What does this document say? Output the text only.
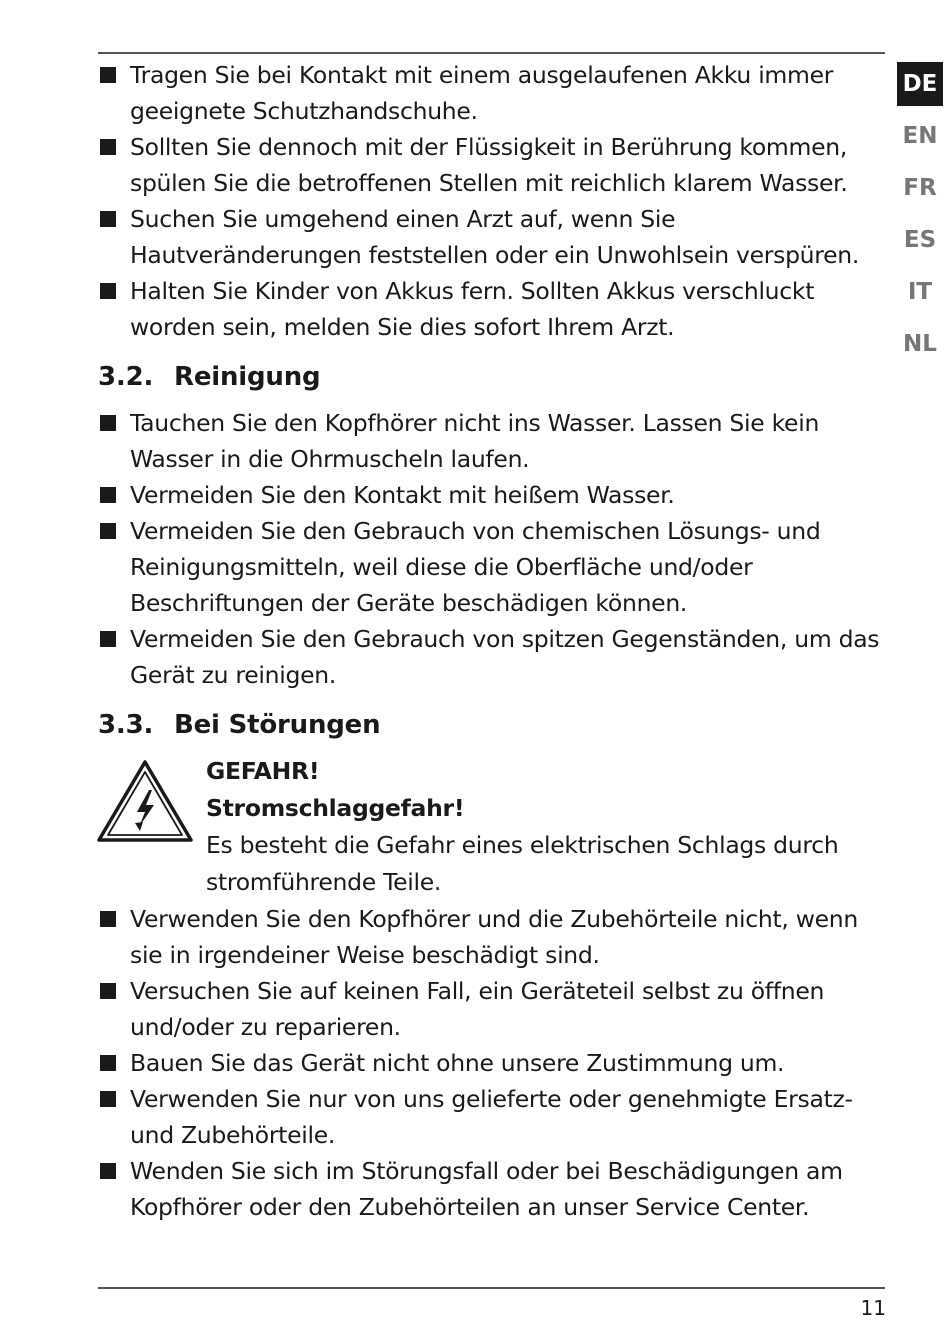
Tragen Sie bei Kontakt mit einem ausgelaufenen Akku immer geeignete Schutzhandschuhe.
Sollten Sie dennoch mit der Flüssigkeit in Berührung kommen, spülen Sie die betroffenen Stellen mit reichlich klarem Wasser.
Suchen Sie umgehend einen Arzt auf, wenn Sie Hautveränderungen feststellen oder ein Unwohlsein verspüren.
Halten Sie Kinder von Akkus fern. Sollten Akkus verschluckt worden sein, melden Sie dies sofort Ihrem Arzt.
3.2. Reinigung
Tauchen Sie den Kopfhörer nicht ins Wasser. Lassen Sie kein Wasser in die Ohrmuscheln laufen.
Vermeiden Sie den Kontakt mit heißem Wasser.
Vermeiden Sie den Gebrauch von chemischen Lösungs- und Reinigungsmitteln, weil diese die Oberfläche und/oder Beschriftungen der Geräte beschädigen können.
Vermeiden Sie den Gebrauch von spitzen Gegenständen, um das Gerät zu reinigen.
3.3. Bei Störungen
GEFAHR!
Stromschlaggefahr!
Es besteht die Gefahr eines elektrischen Schlags durch stromführende Teile.
Verwenden Sie den Kopfhörer und die Zubehörteile nicht, wenn sie in irgendeiner Weise beschädigt sind.
Versuchen Sie auf keinen Fall, ein Geräteteil selbst zu öffnen und/oder zu reparieren.
Bauen Sie das Gerät nicht ohne unsere Zustimmung um.
Verwenden Sie nur von uns gelieferte oder genehmigte Ersatz- und Zubehörteile.
Wenden Sie sich im Störungsfall oder bei Beschädigungen am Kopfhörer oder den Zubehörteilen an unser Service Center.
DE
EN
FR
ES
IT
NL
11
